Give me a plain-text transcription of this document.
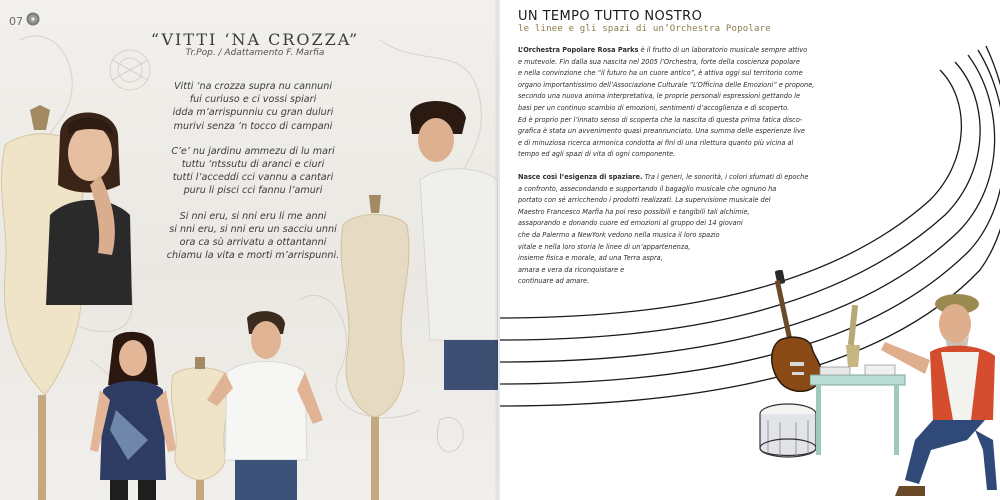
07
“VITTI ‘NA CROZZA”
Tr.Pop. / Adattamento F. Marfia
Vitti ‘na crozza supra nu cannuni
fui curiuso e ci vossi spiari
idda m’arrispunniu cu gran duluri
murivi senza ‘n tocco di campani
C’e’ nu jardinu ammezu di lu mari
tuttu ‘ntssutu di aranci e ciuri
tutti l’acceddi cci vannu a cantari
puru li pisci cci fannu l’amuri
Si nni eru, si nni eru li me anni
si nni eru, si nni eru un sacciu unni
ora ca sù arrivatu a ottantanni
chiamu la vita e morti m’arrispunni.
UN TEMPO TUTTO NOSTRO
le linee e gli spazi di un’Orchestra Popolare
L’Orchestra Popolare Rosa Parks è il frutto di un laboratorio musicale sempre attivo
e mutevole. Fin dalla sua nascita nel 2005 l’Orchestra, forte della coscienza popolare
e nella convinzione che “il futuro ha un cuore antico”, è attiva oggi sul territorio come
organo importantissimo dell’Associazione Culturale “L’Officina delle Emozioni” e propone,
secondo una nuova anima interpretativa, le proprie personali espressioni gettando le
basi per un continuo scambio di emozioni, sentimenti d’accoglienza e di scoperto.
Ed è proprio per l’innato senso di scoperta che la nascita di questa prima fatica disco-
grafica è stata un avvenimento quasi preannunciato. Una summa delle esperienze live
e di minuziosa ricerca armonica condotta ai fini di una rilettura quanto più vicina al
tempo ed agli spazi di vita di ogni componente.
Nasce così l’esigenza di spaziare. Tra i generi, le sonorità, i colori sfumati di epoche
a confronto, assecondando e supportando il bagaglio musicale che ognuno ha
portato con sé arricchendo i prodotti realizzati. La supervisione musicale del
Maestro Francesco Marfia ha poi reso possibili e tangibili tali alchimie,
assaporando e donando cuore ed emozioni al gruppo dei 14 giovani
che da Palermo a NewYork vedono nella musica il loro spazio
vitale e nella loro storia le linee di un’appartenenza,
insieme fisica e morale, ad una Terra aspra,
amara e vera da riconquistare e
continuare ad amare.
